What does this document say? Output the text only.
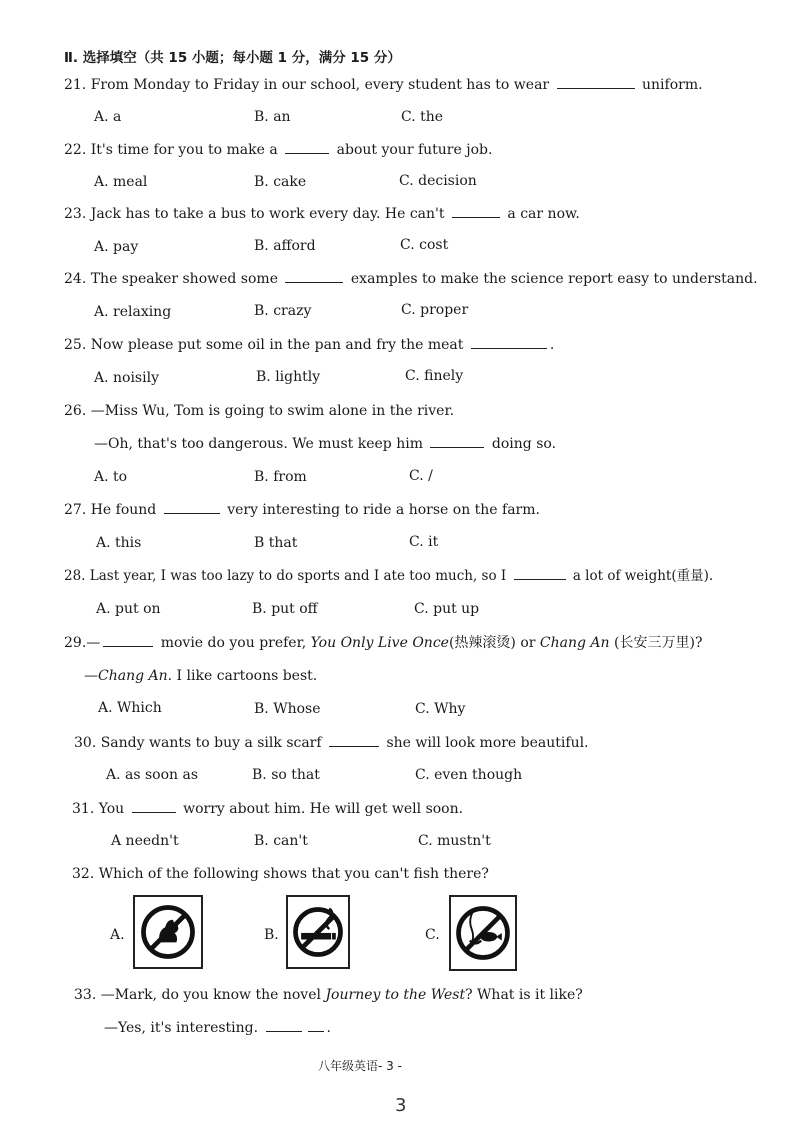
Ⅱ. 选择填空（共 15 小题；每小题 1 分，满分 15 分）
21. From Monday to Friday in our school, every student has to wear	uniform.
A. a	B. an	C. the
22. It's time for you to make a	about your future job.
A. meal	B. cake	C. decision
23. Jack has to take a bus to work every day. He can't	a car now.
A. pay	B. afford	C. cost
24. The speaker showed some	examples to make the science report easy to understand.
A. relaxing	B. crazy	C. proper
25. Now please put some oil in the pan and fry the meat	.
A. noisily	B. lightly	C. finely
26. —Miss Wu, Tom is going to swim alone in the river.
—Oh, that's too dangerous. We must keep him	doing so.
A. to	B. from	C. /
27. He found	very interesting to ride a horse on the farm.
A. this	B that	C. it
28. Last year, I was too lazy to do sports and I ate too much, so I	a lot of weight(重量).
A. put on	B. put off	C. put up
29.—	movie do you prefer, You Only Live Once(热辣滚烫) or Chang An (长安三万里)?
—Chang An. I like cartoons best.
A. Which	B. Whose	C. Why
30. Sandy wants to buy a silk scarf	she will look more beautiful.
A. as soon as	B. so that	C. even though
31. You	worry about him. He will get well soon.
A needn't	B. can't	C. mustn't
32. Which of the following shows that you can't fish there?
A.	B.	C.
33. —Mark, do you know the novel Journey to the West? What is it like?
—Yes, it's interesting.	.
八年级英语- 3 -
3
